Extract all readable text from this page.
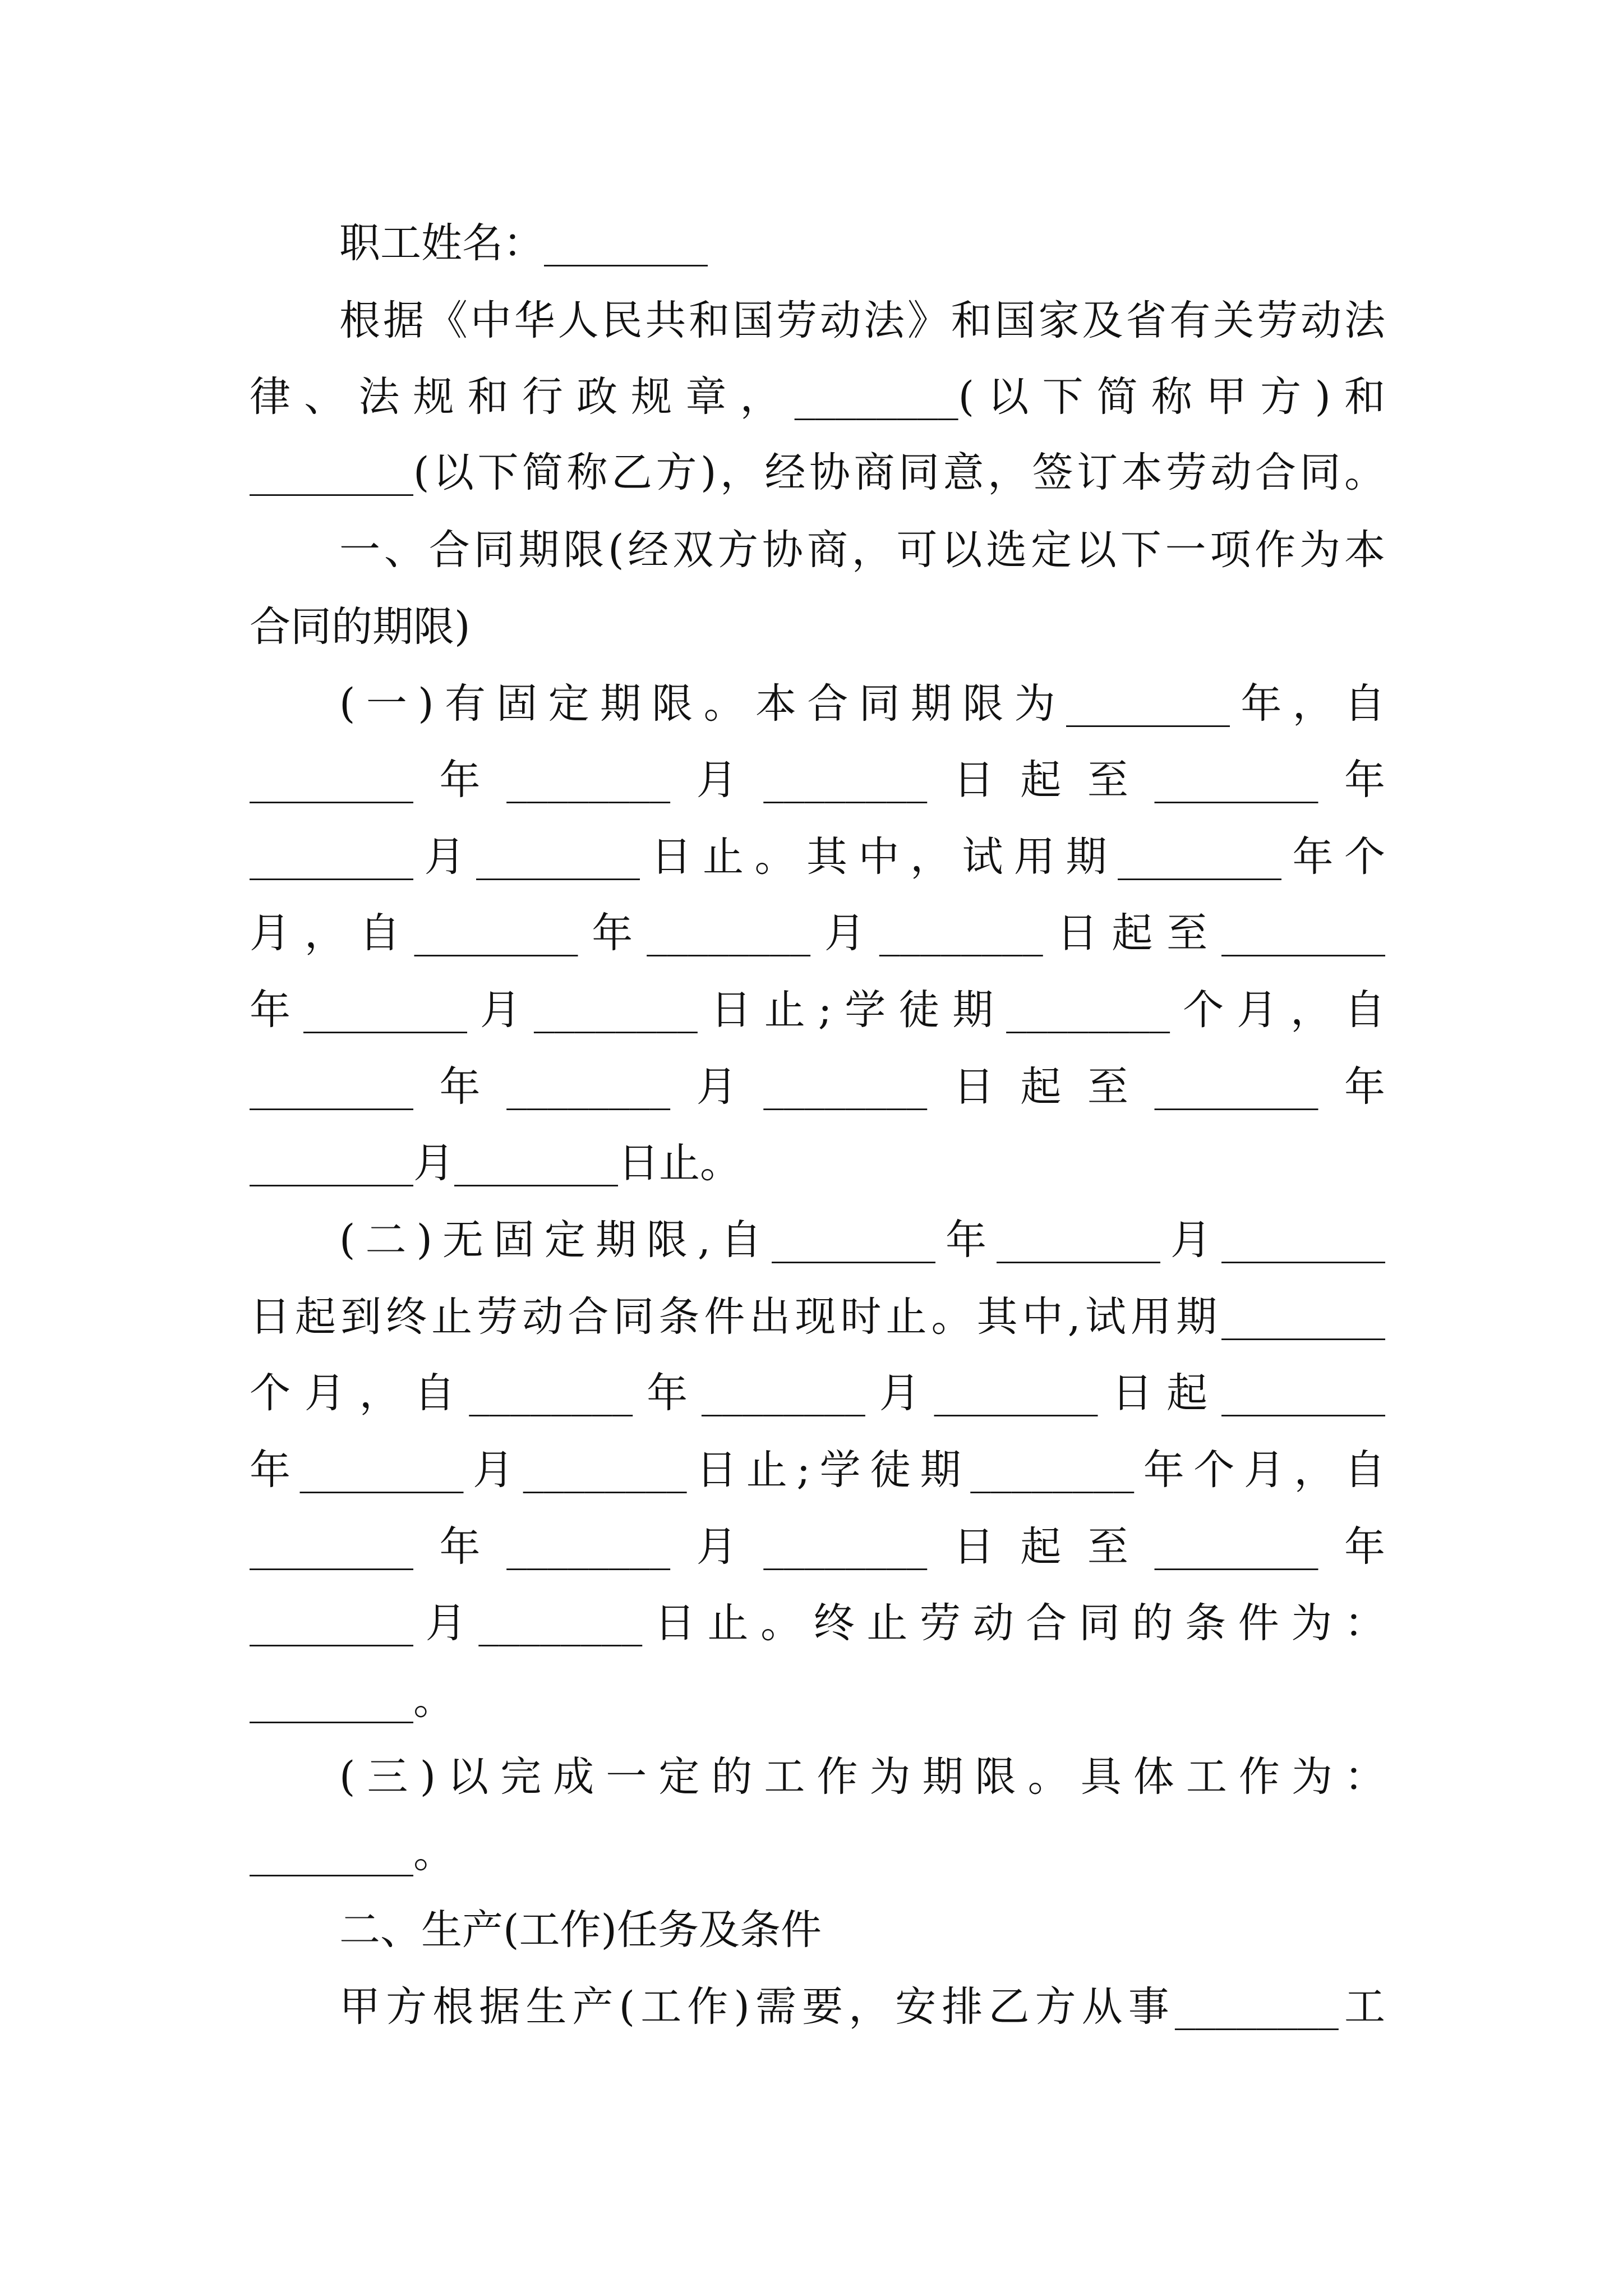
职工姓名：________
根据《中华人民共和国劳动法》和国家及省有关劳动法
律、法规和行政规章，________(以下简称甲方)和
________(以下简称乙方)，经协商同意，签订本劳动合同。
一、合同期限(经双方协商，可以选定以下一项作为本
合同的期限)
(一)有固定期限。本合同期限为________年，自
________年________月________日起至________年
________月________日止。其中，试用期________年个
月，自________年________月________日起至________
年________月________日止;学徒期________个月，自
________年________月________日起至________年
________月________日止。
(二)无固定期限,自________年________月________
日起到终止劳动合同条件出现时止。其中,试用期________
个月，自________年________月________日起________
年________月________日止;学徒期________年个月，自
________年________月________日起至________年
________月________日止。终止劳动合同的条件为：
________。
(三)以完成一定的工作为期限。具体工作为：
________。
二、生产(工作)任务及条件
甲方根据生产(工作)需要，安排乙方从事________工
